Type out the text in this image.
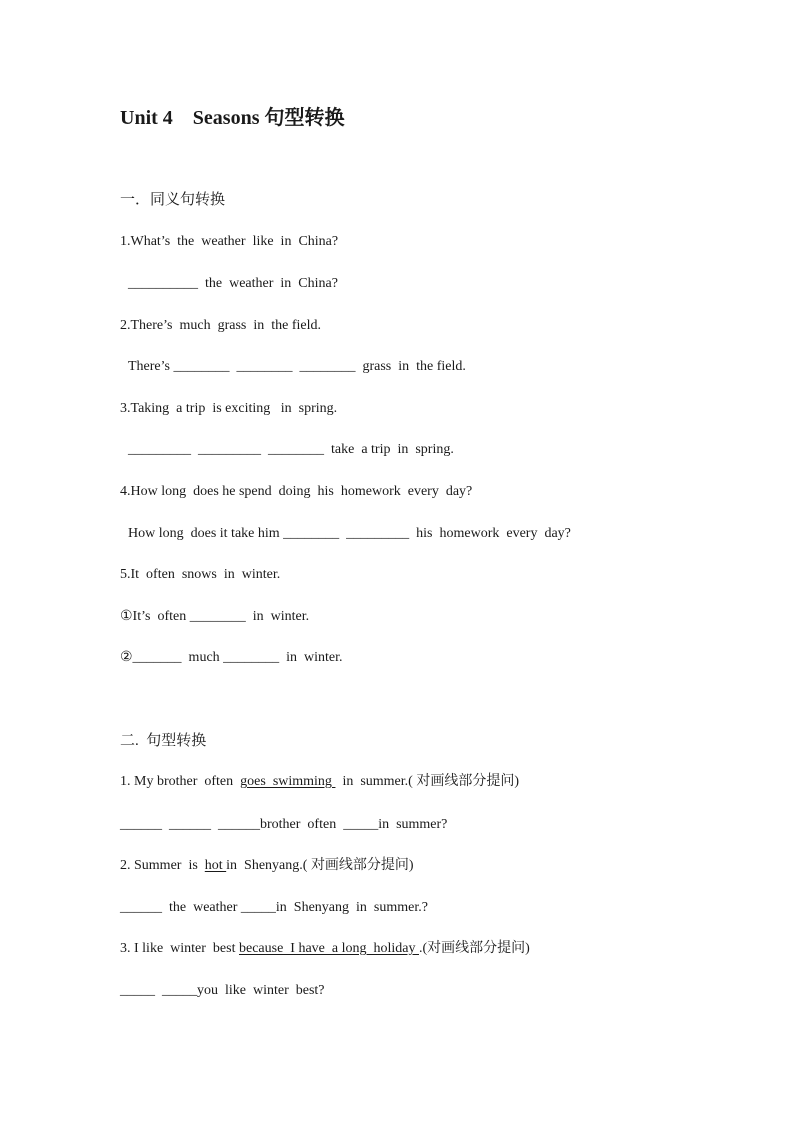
Unit 4    Seasons 句型转换
一．同义句转换
1.What’s  the  weather  like  in  China?
__________  the  weather  in  China?
2.There’s  much  grass  in  the field.
There’s ________  ________  ________  grass  in  the field.
3.Taking  a trip  is exciting   in  spring.
_________  _________  ________  take  a trip  in  spring.
4.How long  does he spend  doing  his  homework  every  day?
How long  does it take him ________  _________  his  homework  every  day?
5.It  often  snows  in  winter.
①It’s  often ________  in  winter.
②_______  much ________  in  winter.
二.  句型转换
1. My brother  often  goes  swimming   in  summer.( 对画线部分提问)
______  ______  ______brother  often  _____in  summer?
2. Summer  is  hot in  Shenyang.( 对画线部分提问)
______  the  weather _____in  Shenyang  in  summer.?
3. I like  winter  best because  I have  a long  holiday .(对画线部分提问)
_____  _____you  like  winter  best?
